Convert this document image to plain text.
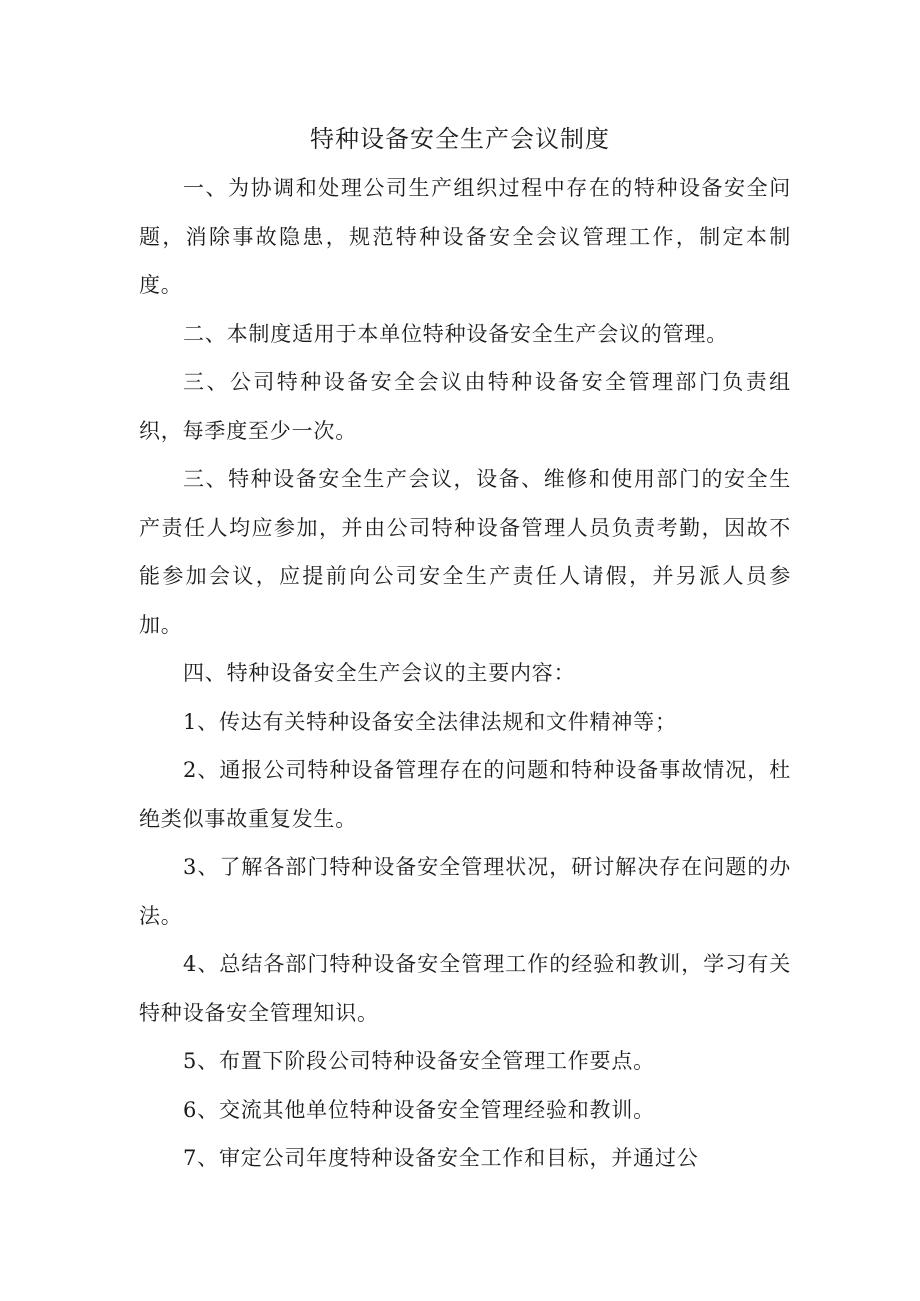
特种设备安全生产会议制度

一、为协调和处理公司生产组织过程中存在的特种设备安全问题，消除事故隐患，规范特种设备安全会议管理工作，制定本制度。

二、本制度适用于本单位特种设备安全生产会议的管理。

三、公司特种设备安全会议由特种设备安全管理部门负责组织，每季度至少一次。

三、特种设备安全生产会议，设备、维修和使用部门的安全生产责任人均应参加，并由公司特种设备管理人员负责考勤，因故不能参加会议，应提前向公司安全生产责任人请假，并另派人员参加。

四、特种设备安全生产会议的主要内容：

1、传达有关特种设备安全法律法规和文件精神等；

2、通报公司特种设备管理存在的问题和特种设备事故情况，杜绝类似事故重复发生。

3、了解各部门特种设备安全管理状况，研讨解决存在问题的办法。

4、总结各部门特种设备安全管理工作的经验和教训，学习有关特种设备安全管理知识。

5、布置下阶段公司特种设备安全管理工作要点。

6、交流其他单位特种设备安全管理经验和教训。

7、审定公司年度特种设备安全工作和目标，并通过公
